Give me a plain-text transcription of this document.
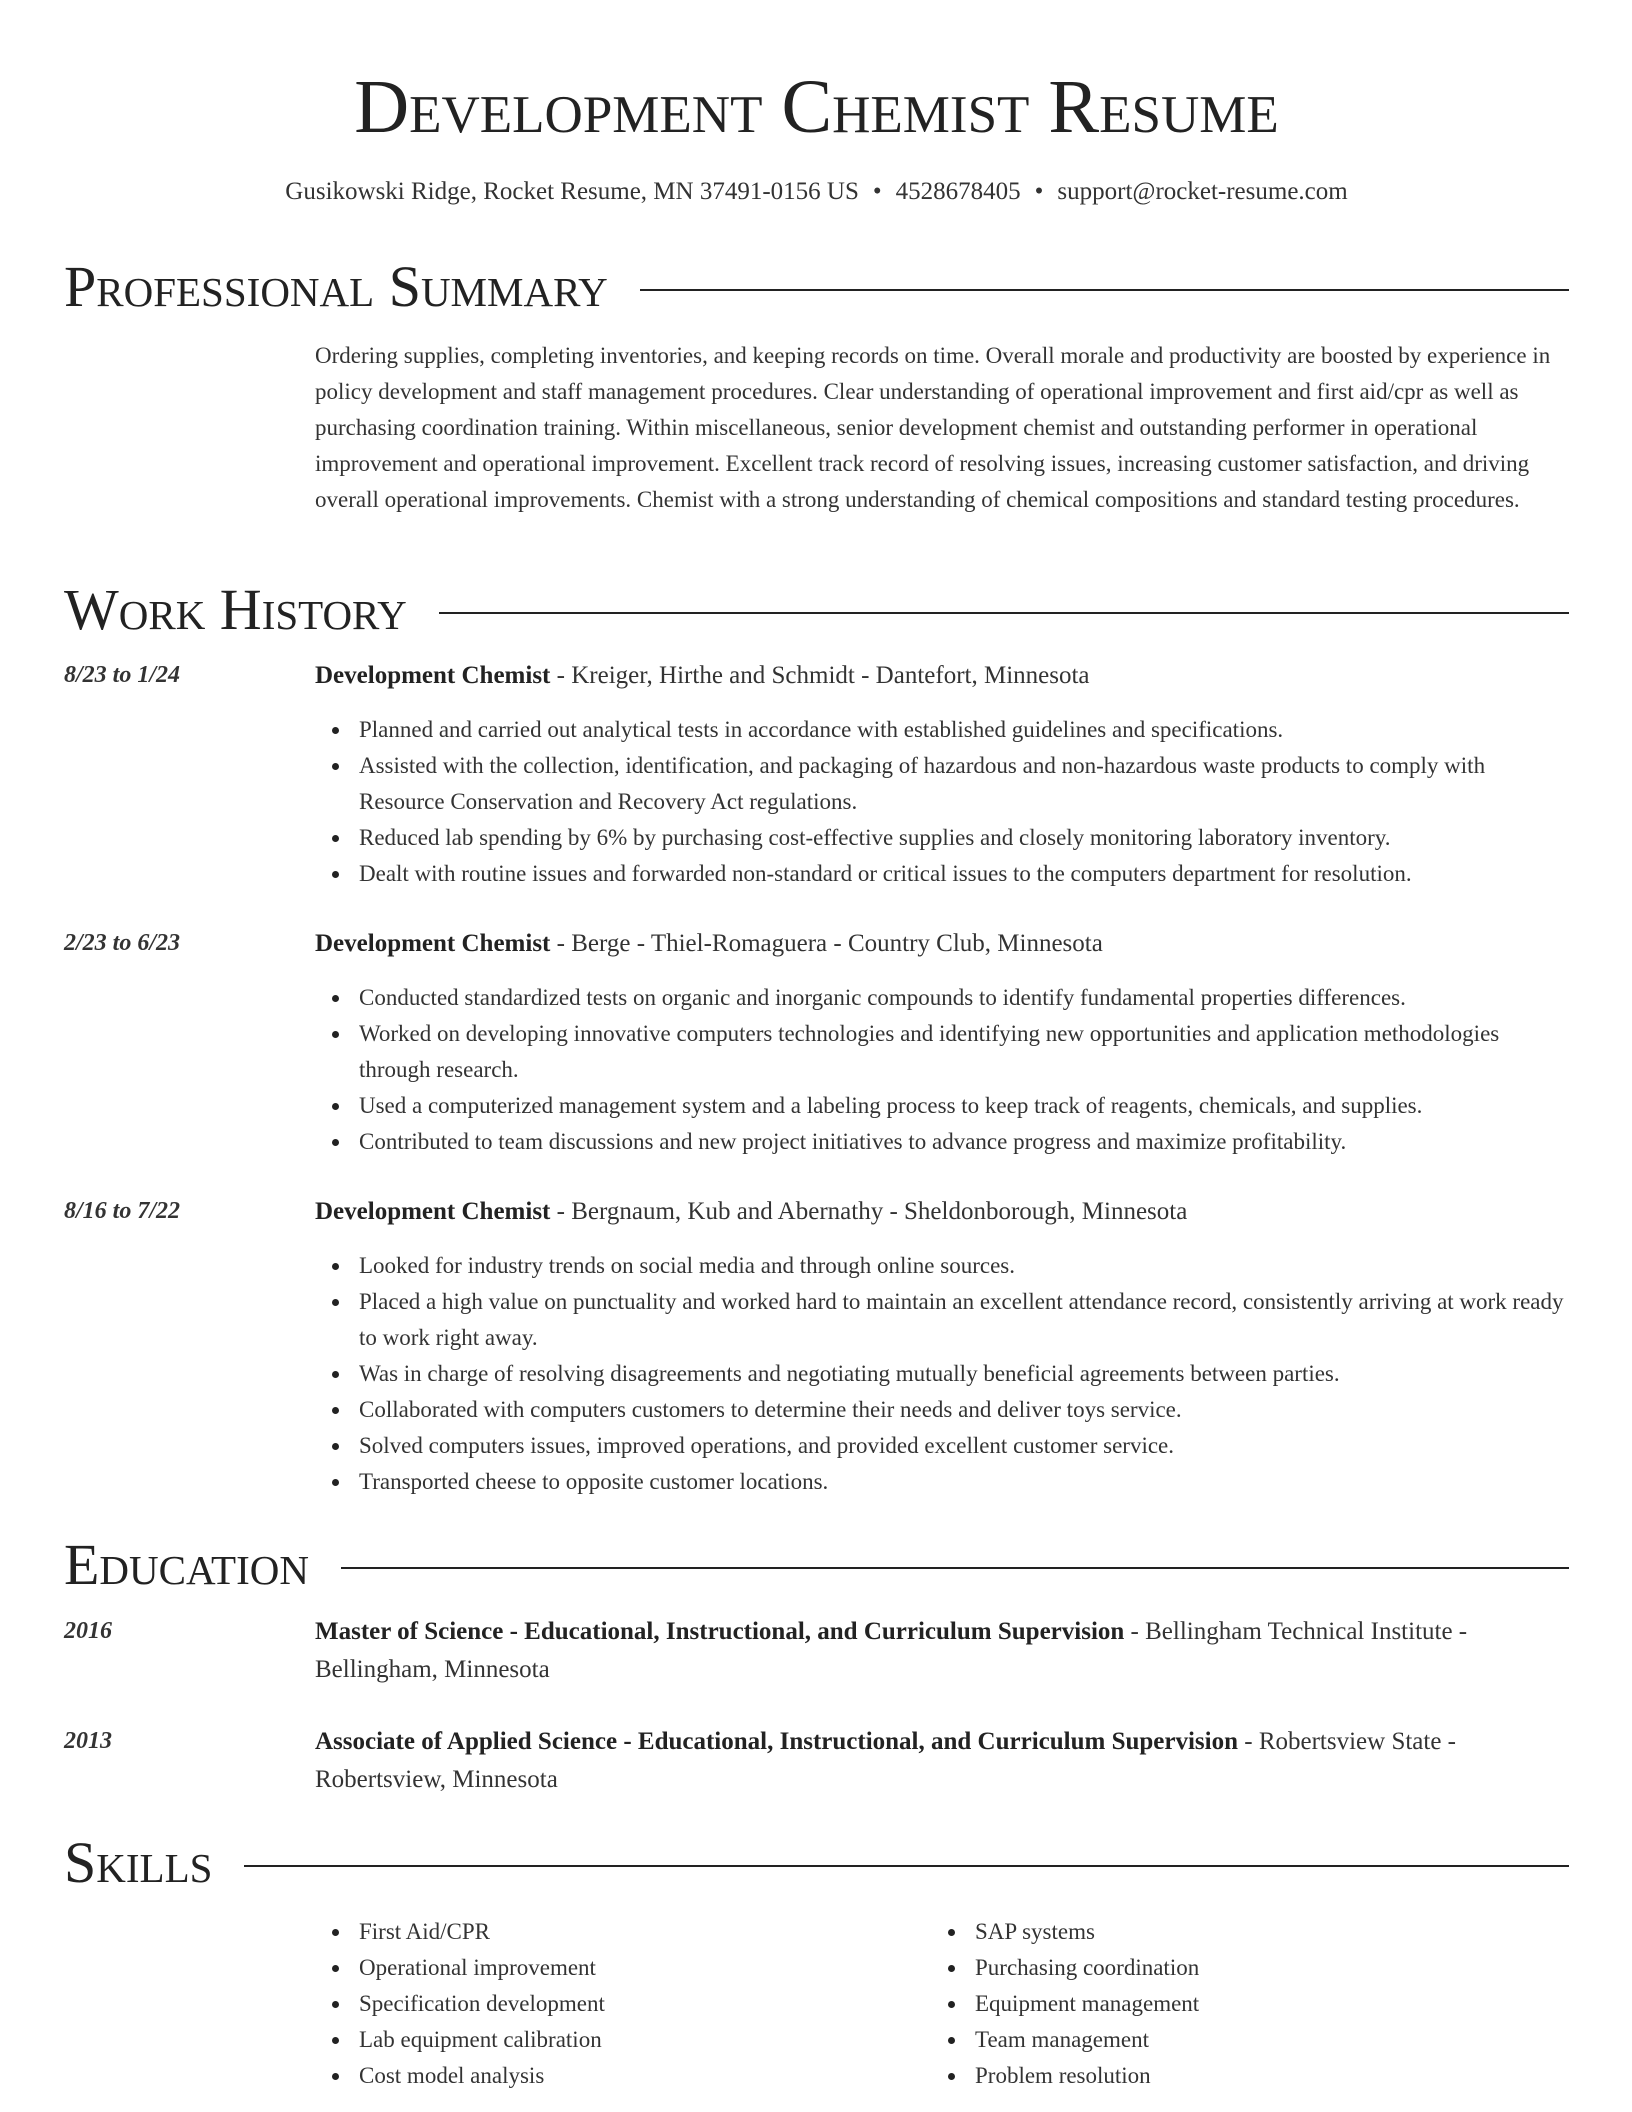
Development Chemist Resume
Gusikowski Ridge, Rocket Resume, MN 37491-0156 US • 4528678405 • support@rocket-resume.com
Professional Summary

Ordering supplies, completing inventories, and keeping records on time. Overall morale and productivity are boosted by experience in policy development and staff management procedures. Clear understanding of operational improvement and first aid/cpr as well as purchasing coordination training. Within miscellaneous, senior development chemist and outstanding performer in operational improvement and operational improvement. Excellent track record of resolving issues, increasing customer satisfaction, and driving overall operational improvements. Chemist with a strong understanding of chemical compositions and standard testing procedures.

Work History
8/23 to 1/24	Development Chemist - Kreiger, Hirthe and Schmidt - Dantefort, Minnesota
Planned and carried out analytical tests in accordance with established guidelines and specifications.
Assisted with the collection, identification, and packaging of hazardous and non-hazardous waste products to comply with Resource Conservation and Recovery Act regulations.
Reduced lab spending by 6% by purchasing cost-effective supplies and closely monitoring laboratory inventory.
Dealt with routine issues and forwarded non-standard or critical issues to the computers department for resolution.
2/23 to 6/23	Development Chemist - Berge - Thiel-Romaguera - Country Club, Minnesota
Conducted standardized tests on organic and inorganic compounds to identify fundamental properties differences.
Worked on developing innovative computers technologies and identifying new opportunities and application methodologies through research.
Used a computerized management system and a labeling process to keep track of reagents, chemicals, and supplies.
Contributed to team discussions and new project initiatives to advance progress and maximize profitability.
8/16 to 7/22	Development Chemist - Bergnaum, Kub and Abernathy - Sheldonborough, Minnesota
Looked for industry trends on social media and through online sources.
Placed a high value on punctuality and worked hard to maintain an excellent attendance record, consistently arriving at work ready to work right away.
Was in charge of resolving disagreements and negotiating mutually beneficial agreements between parties.
Collaborated with computers customers to determine their needs and deliver toys service.
Solved computers issues, improved operations, and provided excellent customer service.
Transported cheese to opposite customer locations.
Education
2016	Master of Science - Educational, Instructional, and Curriculum Supervision - Bellingham Technical Institute - Bellingham, Minnesota
2013	Associate of Applied Science - Educational, Instructional, and Curriculum Supervision - Robertsview State - Robertsview, Minnesota
Skills
First Aid/CPR
Operational improvement
Specification development
Lab equipment calibration
Cost model analysis
SAP systems
Purchasing coordination
Equipment management
Team management
Problem resolution
